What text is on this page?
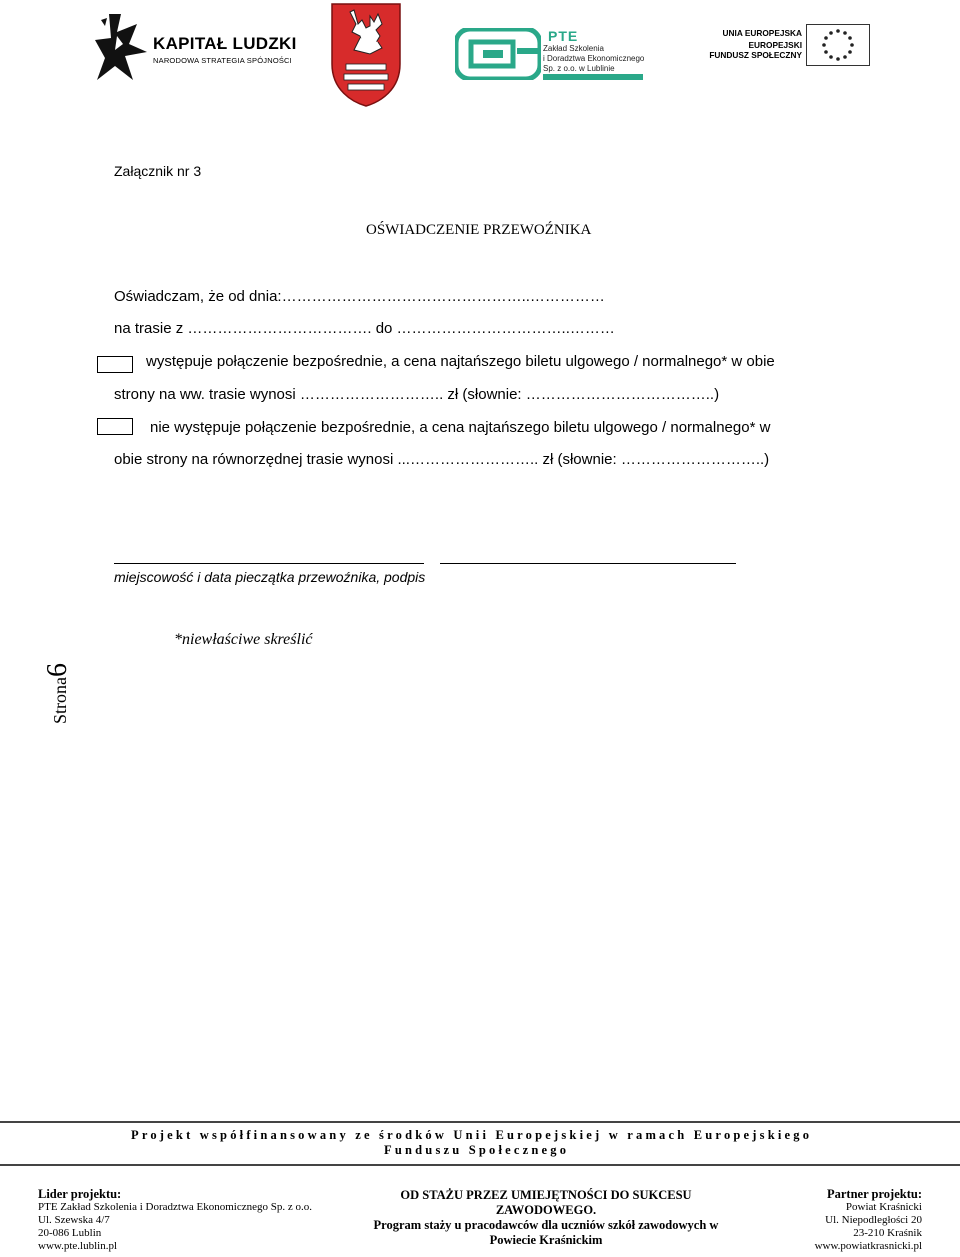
KAPITAŁ LUDZKI
NARODOWA STRATEGIA SPÓJNOŚCI
PTE
Zakład Szkolenia
i Doradztwa Ekonomicznego
Sp. z o.o. w Lublinie
UNIA EUROPEJSKA
EUROPEJSKI
FUNDUSZ SPOŁECZNY
Załącznik nr 3
OŚWIADCZENIE PRZEWOŹNIKA
Oświadczam, że od dnia:…………………………………………..……………
na trasie z ………………………………. do ……………………………..………
występuje połączenie bezpośrednie, a cena najtańszego biletu ulgowego / normalnego* w obie
strony na ww. trasie wynosi ……………………….. zł (słownie: ………………………………..)
nie występuje połączenie bezpośrednie, a cena najtańszego biletu ulgowego / normalnego* w
obie strony na równorzędnej trasie wynosi ...…………………….. zł (słownie: ………………………..)
miejscowość i data pieczątka przewoźnika, podpis
*niewłaściwe skreślić
Strona6
Projekt współfinansowany ze środków Unii Europejskiej w ramach Europejskiego
Funduszu Społecznego
Lider projektu:
PTE Zakład Szkolenia i Doradztwa Ekonomicznego Sp. z o.o.
Ul. Szewska 4/7
20-086 Lublin
www.pte.lublin.pl
OD STAŻU PRZEZ UMIEJĘTNOŚCI DO SUKCESU
ZAWODOWEGO.
Program staży u pracodawców dla uczniów szkół zawodowych w
Powiecie Kraśnickim
Partner projektu:
Powiat Kraśnicki
Ul. Niepodległości 20
23-210 Kraśnik
www.powiatkrasnicki.pl
